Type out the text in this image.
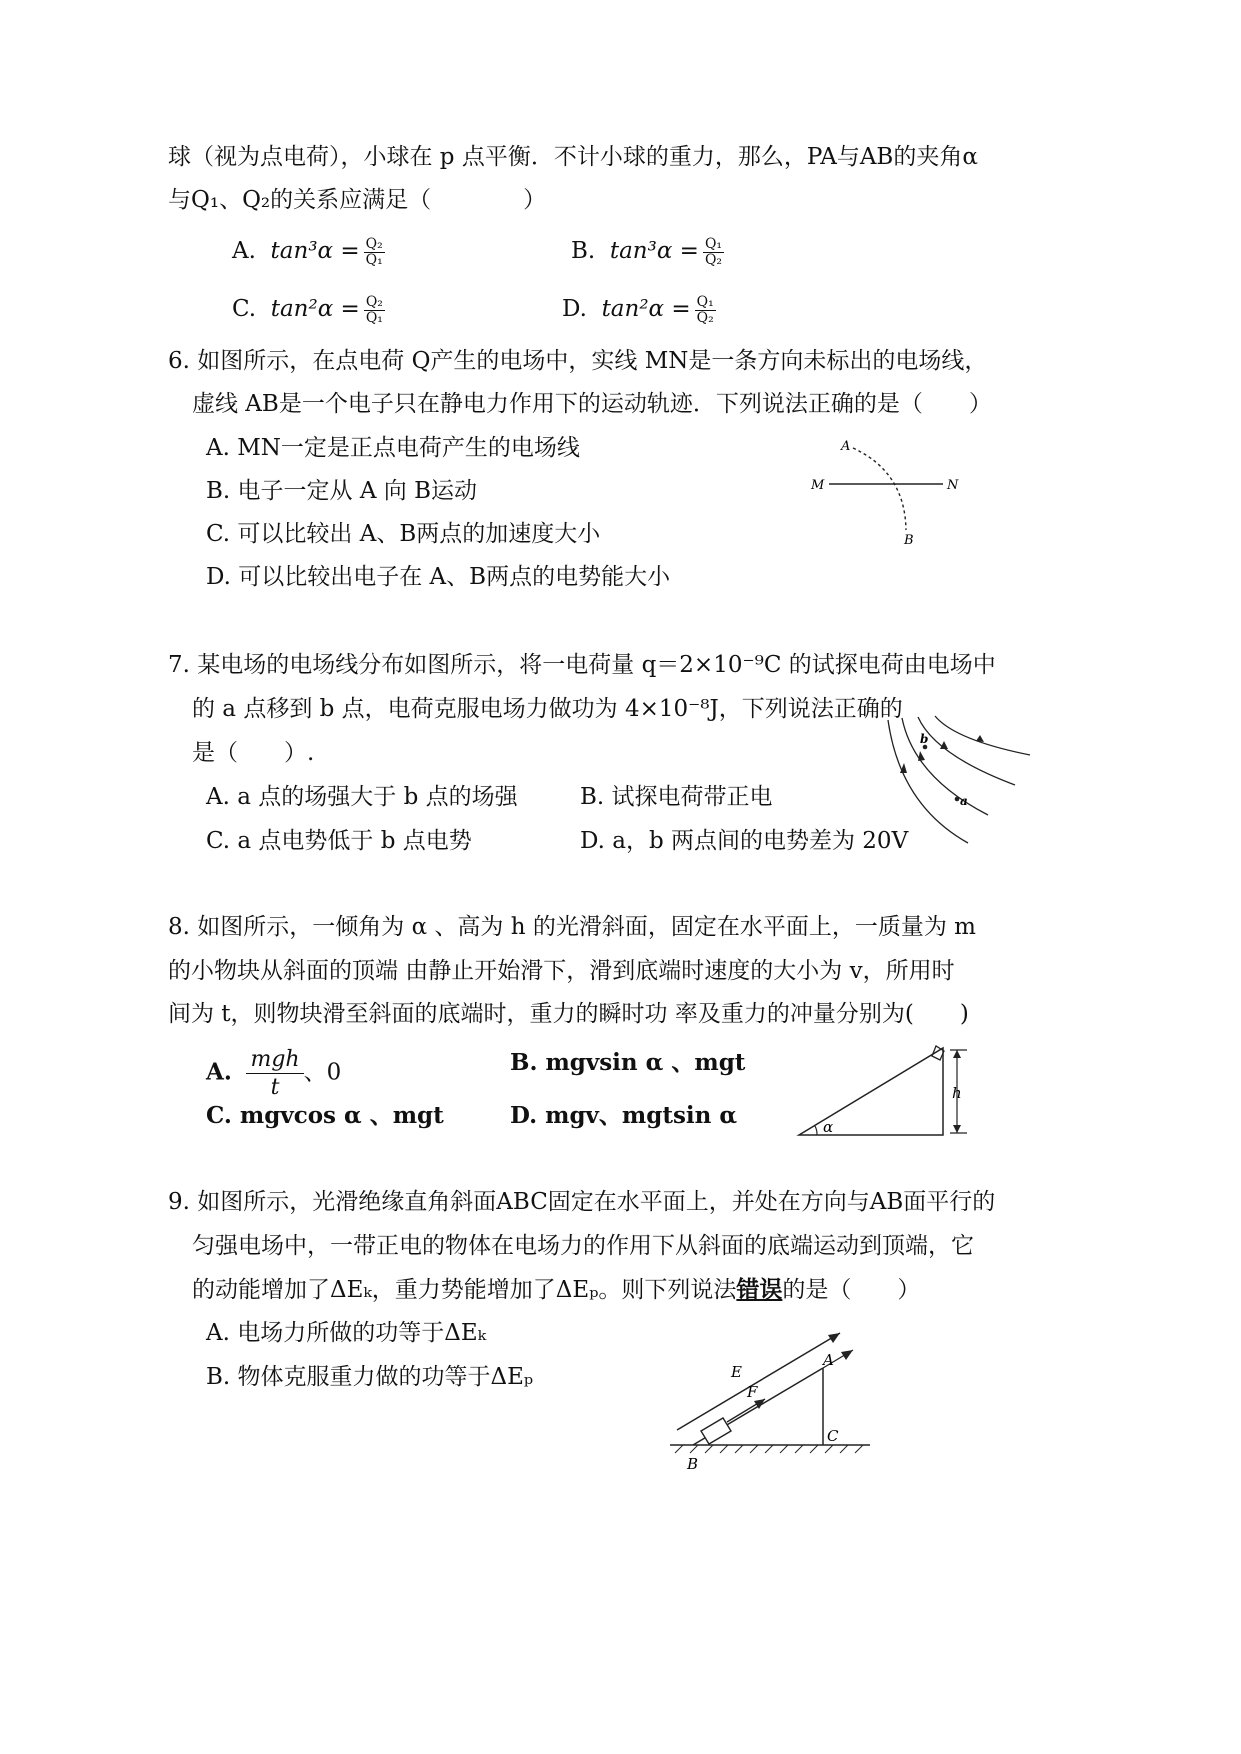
球（视为点电荷），小球在 p 点平衡．不计小球的重力，那么，PA与AB的夹角α
与Q₁、Q₂的关系应满足（　　　　）
A. $\tan^3\alpha = \frac{\text{Q₂}}{\text{Q₁}}$	B. $\tan^3\alpha = \frac{\text{Q₁}}{\text{Q₂}}$
C. $\tan^2\alpha = \frac{\text{Q₂}}{\text{Q₁}}$	D. $\tan^2\alpha = \frac{\text{Q₁}}{\text{Q₂}}$
6. 如图所示，在点电荷 Q产生的电场中，实线 MN是一条方向未标出的电场线，
虚线 AB是一个电子只在静电力作用下的运动轨迹．下列说法正确的是（　　）
A. MN一定是正点电荷产生的电场线
B. 电子一定从 A 向 B运动
C. 可以比较出 A、B两点的加速度大小
D. 可以比较出电子在 A、B两点的电势能大小
A
M	N
B
7. 某电场的电场线分布如图所示，将一电荷量 q＝2×10⁻⁹C 的试探电荷由电场中
的 a 点移到 b 点，电荷克服电场力做功为 4×10⁻⁸J，下列说法正确的
是（　　）.
A. a 点的场强大于 b 点的场强	B. 试探电荷带正电
C. a 点电势低于 b 点电势	D. a，b 两点间的电势差为 20V
b
a
8. 如图所示，一倾角为 α 、高为 h 的光滑斜面，固定在水平面上，一质量为 m
的小物块从斜面的顶端 由静止开始滑下，滑到底端时速度的大小为 v，所用时
间为 t，则物块滑至斜面的底端时，重力的瞬时功 率及重力的冲量分别为(　　)
A. $\frac{\text{mgh}}{t}$ 、0	B. mgvsin α 、mgt
C. mgvcos α 、mgt	D. mgv、mgtsin α
h
α
9. 如图所示，光滑绝缘直角斜面ABC固定在水平面上，并处在方向与AB面平行的
匀强电场中，一带正电的物体在电场力的作用下从斜面的底端运动到顶端，它
的动能增加了ΔEₖ，重力势能增加了ΔEₚ。则下列说法错误的是（　　）
A. 电场力所做的功等于ΔEₖ
B. 物体克服重力做的功等于ΔEₚ	E
F
A
B
C
